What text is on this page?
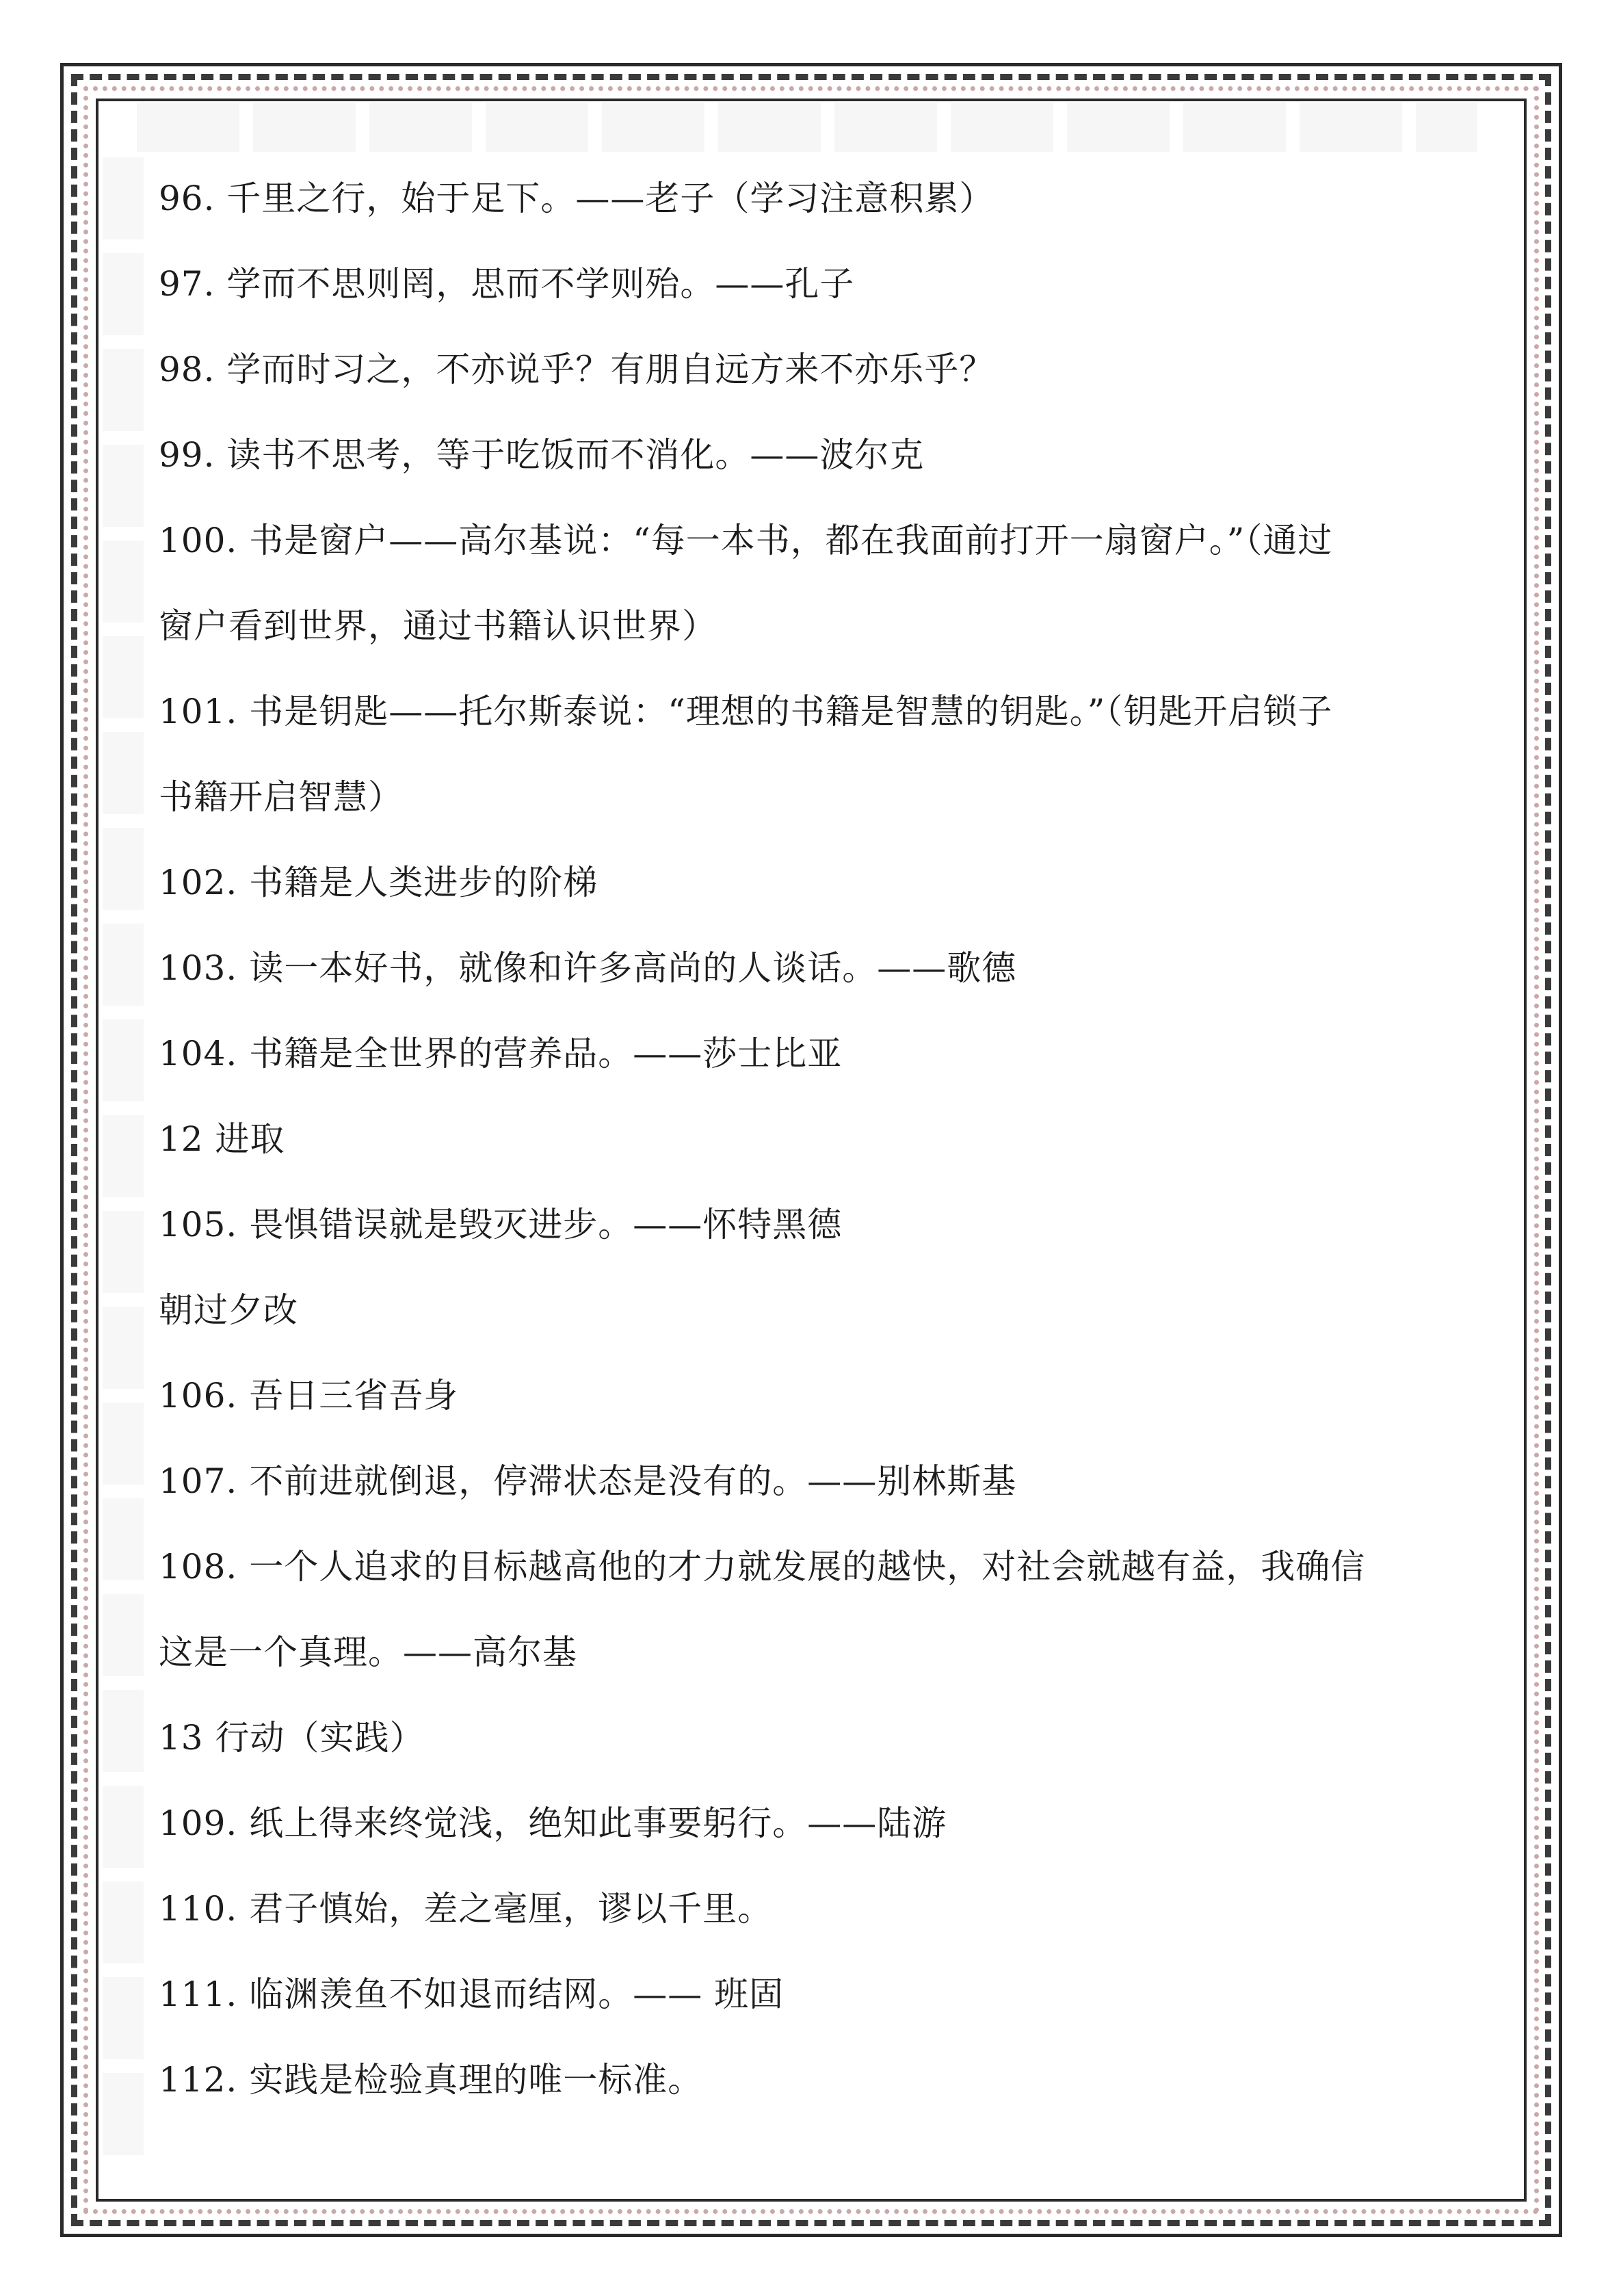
96. 千里之行，始于足下。——老子（学习注意积累）
97. 学而不思则罔，思而不学则殆。——孔子
98. 学而时习之，不亦说乎？有朋自远方来不亦乐乎？
99. 读书不思考，等于吃饭而不消化。——波尔克
100. 书是窗户——高尔基说：“每一本书，都在我面前打开一扇窗户。”（通过
窗户看到世界，通过书籍认识世界）
101. 书是钥匙——托尔斯泰说：“理想的书籍是智慧的钥匙。”（钥匙开启锁子
书籍开启智慧）
102. 书籍是人类进步的阶梯
103. 读一本好书，就像和许多高尚的人谈话。——歌德
104. 书籍是全世界的营养品。——莎士比亚
12 进取
105. 畏惧错误就是毁灭进步。——怀特黑德
朝过夕改
106. 吾日三省吾身
107. 不前进就倒退，停滞状态是没有的。——别林斯基
108. 一个人追求的目标越高他的才力就发展的越快，对社会就越有益，我确信
这是一个真理。——高尔基
13 行动（实践）
109. 纸上得来终觉浅，绝知此事要躬行。——陆游
110. 君子慎始，差之毫厘，谬以千里。
111. 临渊羡鱼不如退而结网。—— 班固
112. 实践是检验真理的唯一标准。
